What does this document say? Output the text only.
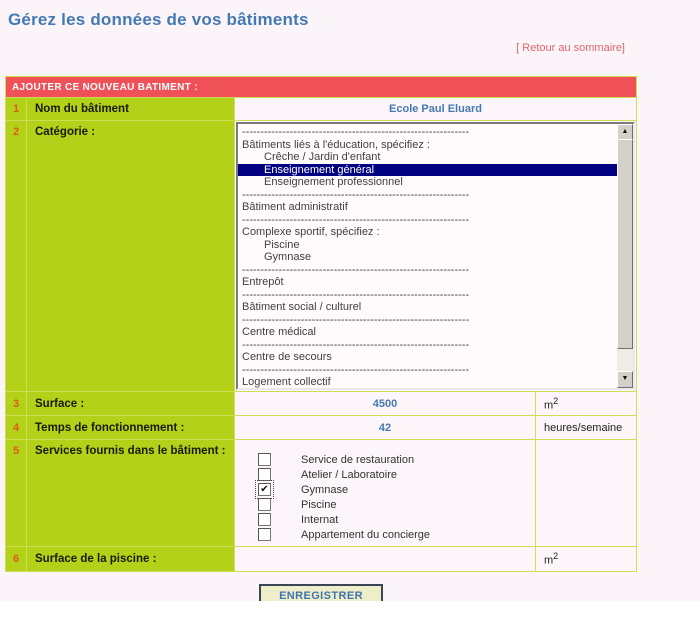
Gérez les données de vos bâtiments
[ Retour au sommaire]
AJOUTER CE NOUVEAU BATIMENT :			
1	Nom du bâtiment	Ecole Paul Eluard	
2	Catégorie :	--------------------------------------------------------------
Bâtiments liés à l'éducation, spécifiez :
Crêche / Jardin d'enfant
Enseignement général
Enseignement professionnel
--------------------------------------------------------------
Bâtiment administratif
--------------------------------------------------------------
Complexe sportif, spécifiez :
Piscine
Gymnase
--------------------------------------------------------------
Entrepôt
--------------------------------------------------------------
Bâtiment social / culturel
--------------------------------------------------------------
Centre médical
--------------------------------------------------------------
Centre de secours
--------------------------------------------------------------
Logement collectif
▲
▼

3	Surface :	4500	$m^2$
4	Temps de fonctionnement :	42	heures/semaine
5	Services fournis dans le bâtiment :	
Service de restauration
Atelier / Laboratoire
✔	Gymnase
Piscine
Internat
Appartement du concierge

6	Surface de la piscine :		$m^2$
ENREGISTRER
